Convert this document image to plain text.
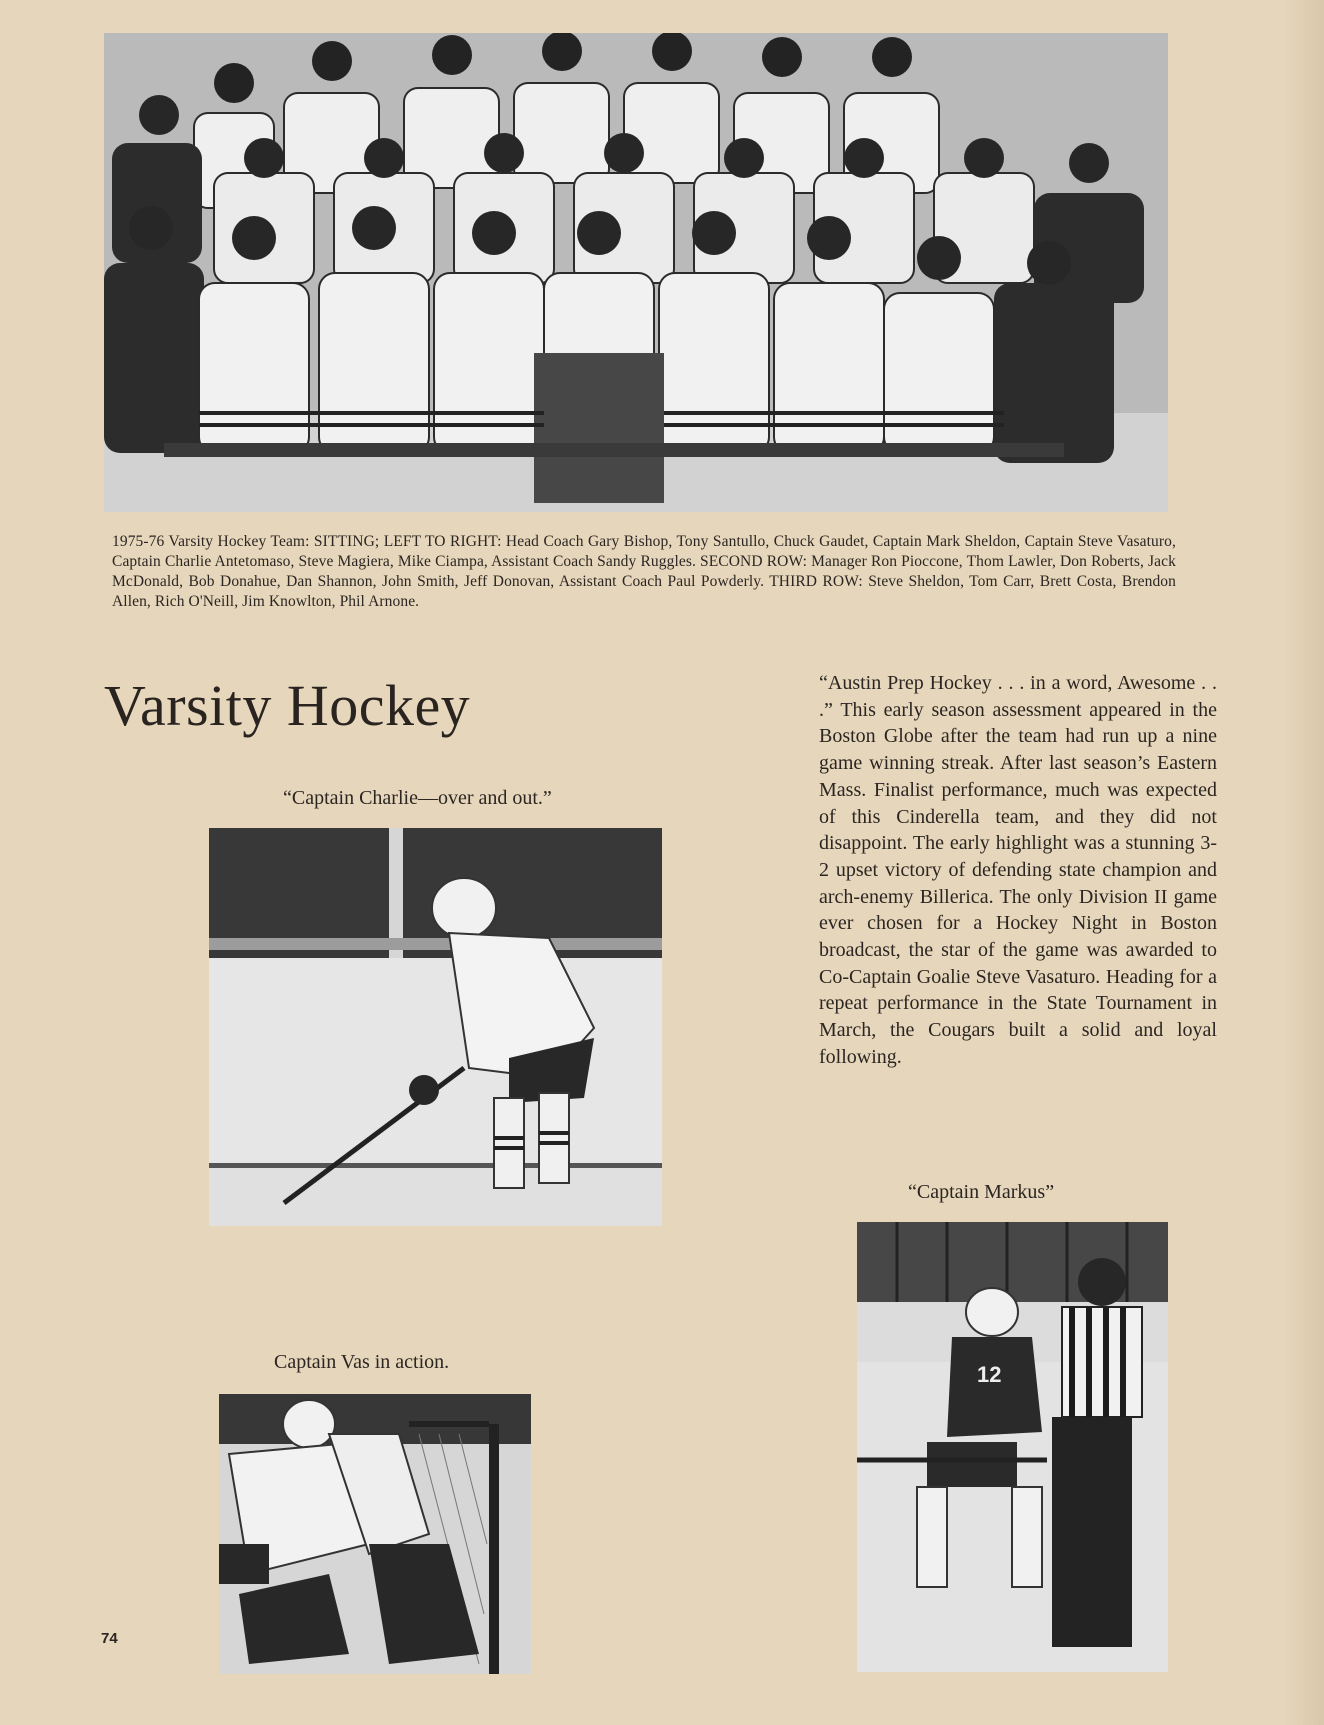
1975-76 Varsity Hockey Team: SITTING; LEFT TO RIGHT: Head Coach Gary Bishop, Tony Santullo, Chuck Gaudet, Captain Mark Sheldon, Captain Steve Vasaturo, Captain Charlie Antetomaso, Steve Magiera, Mike Ciampa, Assistant Coach Sandy Ruggles. SECOND ROW: Manager Ron Pioccone, Thom Lawler, Don Roberts, Jack McDonald, Bob Donahue, Dan Shannon, John Smith, Jeff Donovan, Assistant Coach Paul Powderly. THIRD ROW: Steve Sheldon, Tom Carr, Brett Costa, Brendon Allen, Rich O'Neill, Jim Knowlton, Phil Arnone.
Varsity Hockey	“Austin Prep Hockey . . . in a word, Awesome . . .” This early season assessment appeared in the Boston Globe after the team had run up a nine game winning streak. After last season’s Eastern Mass. Finalist performance, much was expected of this Cinderella team, and they did not disappoint. The early highlight was a stunning 3-2 upset victory of defending state champion and arch-enemy Billerica. The only Division II game ever chosen for a Hockey Night in Boston broadcast, the star of the game was awarded to Co-Captain Goalie Steve Vasaturo. Heading for a repeat performance in the State Tournament in March, the Cougars built a solid and loyal following.
“Captain Charlie—over and out.”
“Captain Markus”
12
Captain Vas in action.
74
